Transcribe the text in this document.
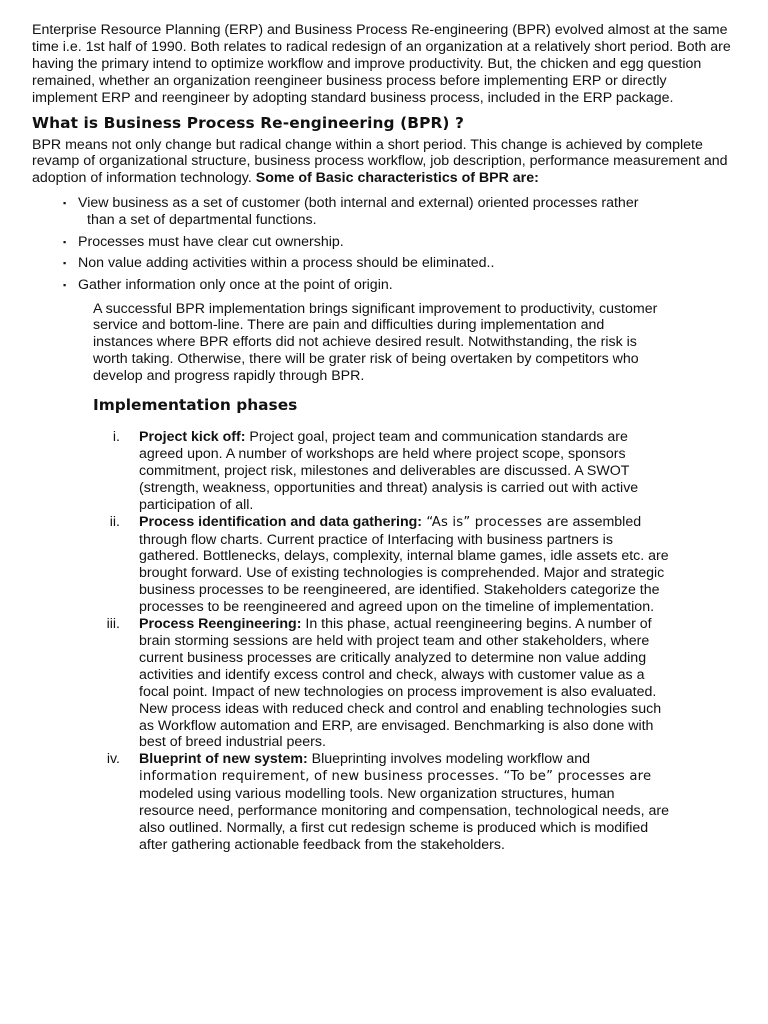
Enterprise Resource Planning (ERP) and Business Process Re-engineering (BPR) evolved almost at the same time i.e. 1st half of 1990. Both relates to radical redesign of an organization at a relatively short period. Both are having the primary intend to optimize workflow and improve productivity. But, the chicken and egg question remained, whether an organization reengineer business process before implementing ERP or directly implement ERP and reengineer by adopting standard business process, included in the ERP package.

What is Business Process Re-engineering (BPR) ?

BPR means not only change but radical change within a short period. This change is achieved by complete revamp of organizational structure, business process workflow, job description, performance measurement and adoption of information technology. Some of Basic characteristics of BPR are:

▪ View business as a set of customer (both internal and external) oriented processes rather
than a set of departmental functions.
▪ Processes must have clear cut ownership.
▪ Non value adding activities within a process should be eliminated..
▪ Gather information only once at the point of origin.

A successful BPR implementation brings significant improvement to productivity, customer service and bottom-line. There are pain and difficulties during implementation and instances where BPR efforts did not achieve desired result. Notwithstanding, the risk is worth taking. Otherwise, there will be grater risk of being overtaken by competitors who develop and progress rapidly through BPR.

Implementation phases
i. Project kick off: Project goal, project team and communication standards are agreed upon. A number of workshops are held where project scope, sponsors commitment, project risk, milestones and deliverables are discussed. A SWOT (strength, weakness, opportunities and threat) analysis is carried out with active participation of all.
ii. Process identification and data gathering: “As is” processes are assembled through flow charts. Current practice of Interfacing with business partners is gathered. Bottlenecks, delays, complexity, internal blame games, idle assets etc. are brought forward. Use of existing technologies is comprehended. Major and strategic business processes to be reengineered, are identified. Stakeholders categorize the processes to be reengineered and agreed upon on the timeline of implementation.
iii. Process Reengineering: In this phase, actual reengineering begins. A number of brain storming sessions are held with project team and other stakeholders, where current business processes are critically analyzed to determine non value adding activities and identify excess control and check, always with customer value as a focal point. Impact of new technologies on process improvement is also evaluated. New process ideas with reduced check and control and enabling technologies such as Workflow automation and ERP, are envisaged. Benchmarking is also done with best of breed industrial peers.
iv. Blueprint of new system: Blueprinting involves modeling workflow and information requirement, of new business processes. “To be” processes are modeled using various modelling tools. New organization structures, human resource need, performance monitoring and compensation, technological needs, are also outlined. Normally, a first cut redesign scheme is produced which is modified after gathering actionable feedback from the stakeholders.
